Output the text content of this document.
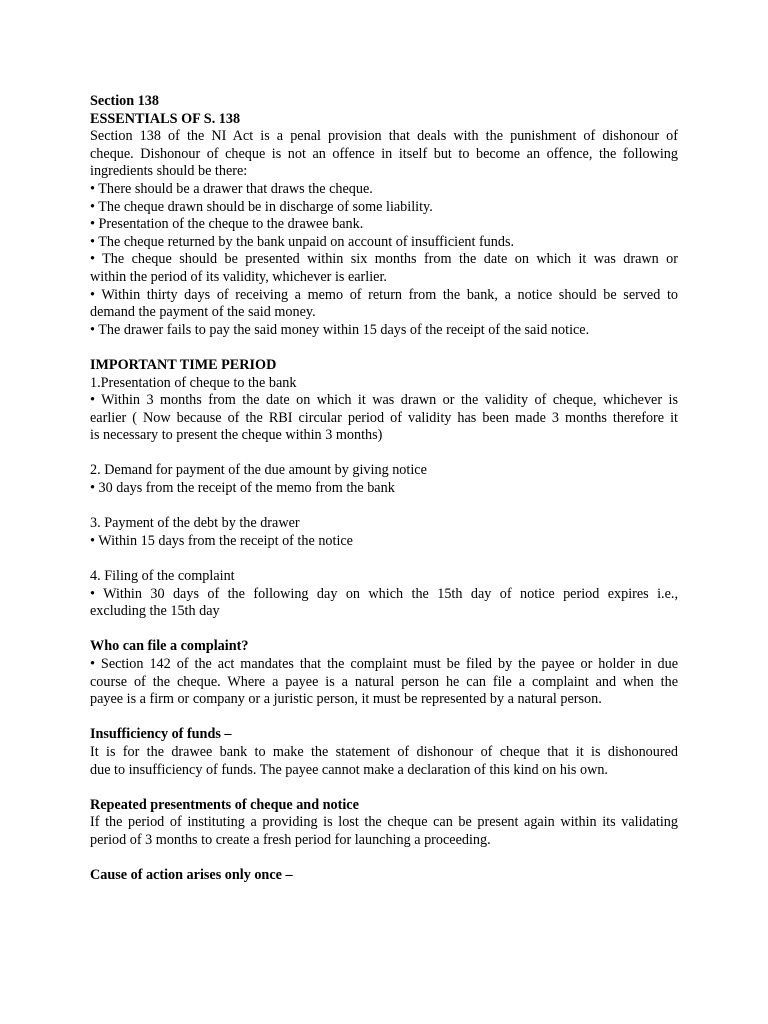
Section 138
ESSENTIALS OF S. 138
Section 138 of the NI Act is a penal provision that deals with the punishment of dishonour of
cheque. Dishonour of cheque is not an offence in itself but to become an offence, the following
ingredients should be there:
• There should be a drawer that draws the cheque.
• The cheque drawn should be in discharge of some liability.
• Presentation of the cheque to the drawee bank.
• The cheque returned by the bank unpaid on account of insufficient funds.
• The cheque should be presented within six months from the date on which it was drawn or
within the period of its validity, whichever is earlier.
• Within thirty days of receiving a memo of return from the bank, a notice should be served to
demand the payment of the said money.
• The drawer fails to pay the said money within 15 days of the receipt of the said notice.
IMPORTANT TIME PERIOD
1.Presentation of cheque to the bank
• Within 3 months from the date on which it was drawn or the validity of cheque, whichever is
earlier ( Now because of the RBI circular period of validity has been made 3 months therefore it
is necessary to present the cheque within 3 months)
2. Demand for payment of the due amount by giving notice
• 30 days from the receipt of the memo from the bank
3. Payment of the debt by the drawer
• Within 15 days from the receipt of the notice
4. Filing of the complaint
• Within 30 days of the following day on which the 15th day of notice period expires i.e.,
excluding the 15th day
Who can file a complaint?
• Section 142 of the act mandates that the complaint must be filed by the payee or holder in due
course of the cheque. Where a payee is a natural person he can file a complaint and when the
payee is a firm or company or a juristic person, it must be represented by a natural person.
Insufficiency of funds –
It is for the drawee bank to make the statement of dishonour of cheque that it is dishonoured
due to insufficiency of funds. The payee cannot make a declaration of this kind on his own.
Repeated presentments of cheque and notice
If the period of instituting a providing is lost the cheque can be present again within its validating
period of 3 months to create a fresh period for launching a proceeding.
Cause of action arises only once –
